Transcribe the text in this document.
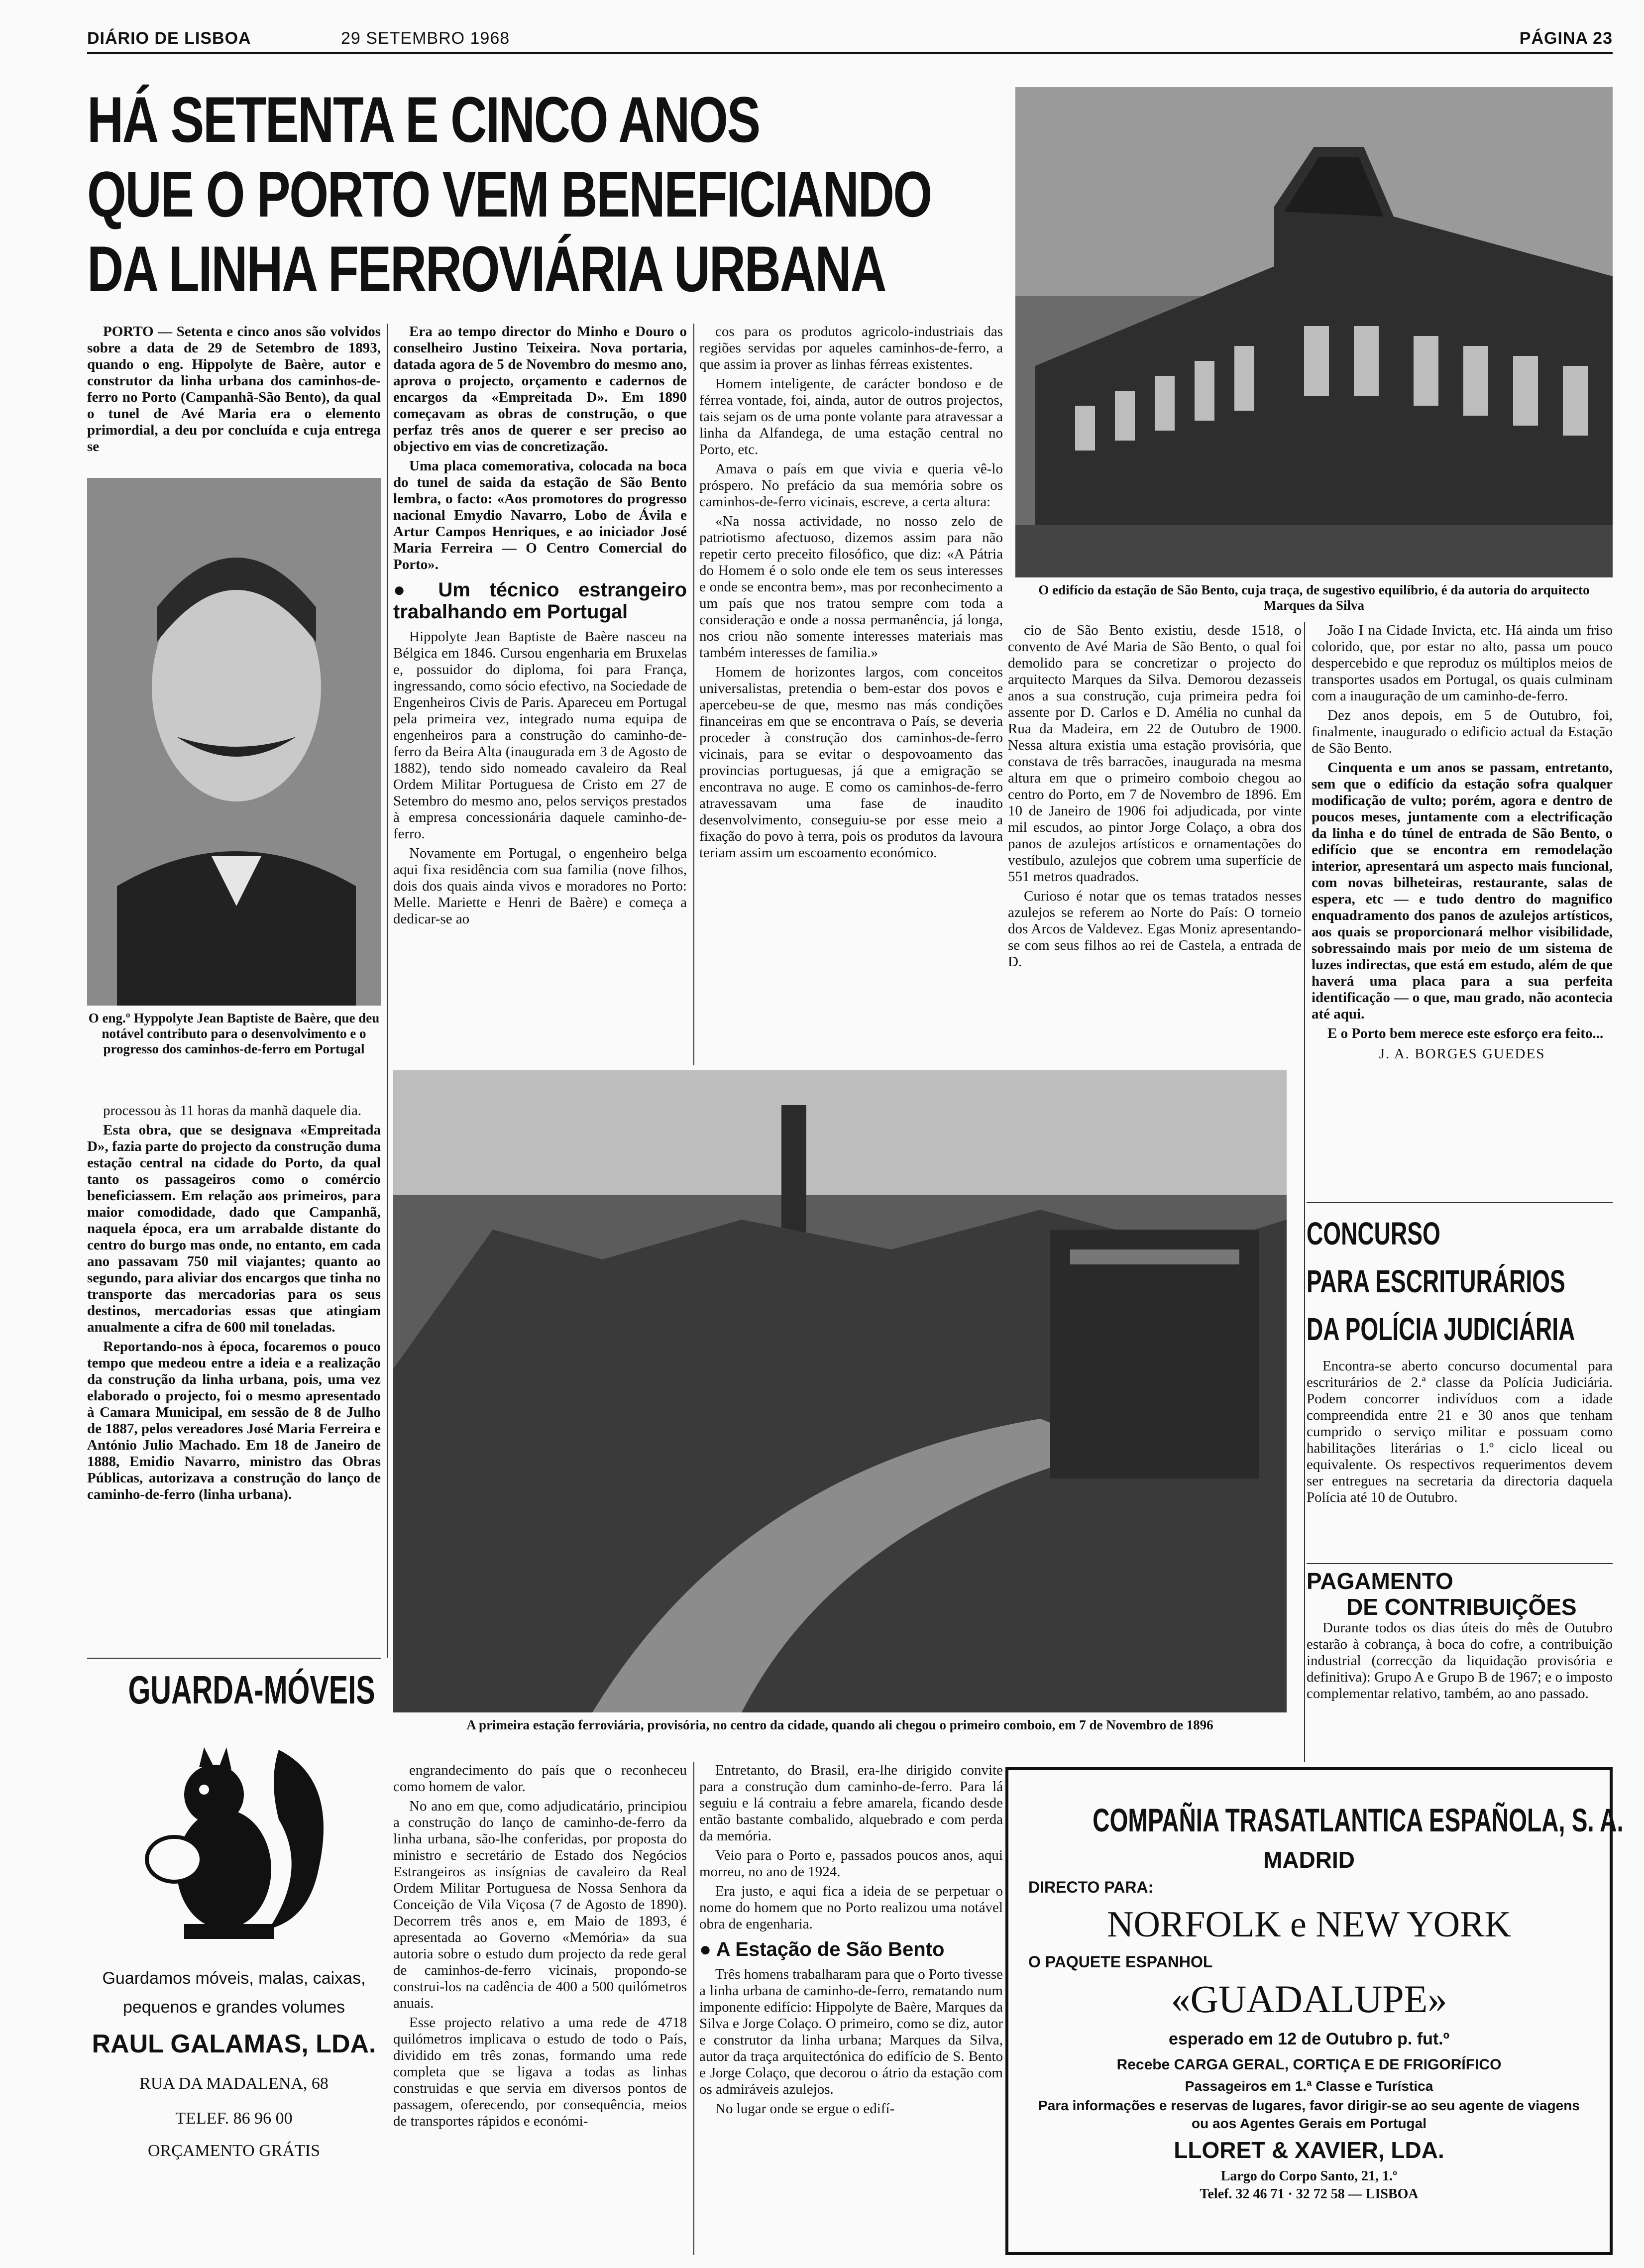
DIÁRIO DE LISBOA	29 SETEMBRO 1968	PÁGINA 23
HÁ SETENTA E CINCO ANOS
QUE O PORTO VEM BENEFICIANDO
DA LINHA FERROVIÁRIA URBANA
O edifício da estação de São Bento, cuja traça, de sugestivo equilíbrio, é da autoria do arquitecto Marques da Silva

PORTO — Setenta e cinco anos são volvidos sobre a data de 29 de Setembro de 1893, quando o eng. Hippolyte de Baère, autor e construtor da linha urbana dos caminhos-de-ferro no Porto (Campanhã-São Bento), da qual o tunel de Avé Maria era o elemento primordial, a deu por concluída e cuja entrega se

O eng.º Hyppolyte Jean Baptiste de Baère, que deu notável contributo para o desenvolvimento e o progresso dos caminhos-de-ferro em Portugal

processou às 11 horas da manhã daquele dia.

Esta obra, que se designava «Empreitada D», fazia parte do projecto da construção duma estação central na cidade do Porto, da qual tanto os passageiros como o comércio beneficiassem. Em relação aos primeiros, para maior comodidade, dado que Campanhã, naquela época, era um arrabalde distante do centro do burgo mas onde, no entanto, em cada ano passavam 750 mil viajantes; quanto ao segundo, para aliviar dos encargos que tinha no transporte das mercadorias para os seus destinos, mercadorias essas que atingiam anualmente a cifra de 600 mil toneladas.

Reportando-nos à época, focaremos o pouco tempo que medeou entre a ideia e a realização da construção da linha urbana, pois, uma vez elaborado o projecto, foi o mesmo apresentado à Camara Municipal, em sessão de 8 de Julho de 1887, pelos vereadores José Maria Ferreira e António Julio Machado. Em 18 de Janeiro de 1888, Emidio Navarro, ministro das Obras Públicas, autorizava a construção do lanço de caminho-de-ferro (linha urbana).

Era ao tempo director do Minho e Douro o conselheiro Justino Teixeira. Nova portaria, datada agora de 5 de Novembro do mesmo ano, aprova o projecto, orçamento e cadernos de encargos da «Empreitada D». Em 1890 começavam as obras de construção, o que perfaz três anos de querer e ser preciso ao objectivo em vias de concretização.

Uma placa comemorativa, colocada na boca do tunel de saida da estação de São Bento lembra, o facto: «Aos promotores do progresso nacional Emydio Navarro, Lobo de Ávila e Artur Campos Henriques, e ao iniciador José Maria Ferreira — O Centro Comercial do Porto».

● Um técnico estrangeiro trabalhando em Portugal

Hippolyte Jean Baptiste de Baère nasceu na Bélgica em 1846. Cursou engenharia em Bruxelas e, possuidor do diploma, foi para França, ingressando, como sócio efectivo, na Sociedade de Engenheiros Civis de Paris. Apareceu em Portugal pela primeira vez, integrado numa equipa de engenheiros para a construção do caminho-de-ferro da Beira Alta (inaugurada em 3 de Agosto de 1882), tendo sido nomeado cavaleiro da Real Ordem Militar Portuguesa de Cristo em 27 de Setembro do mesmo ano, pelos serviços prestados à empresa concessionária daquele caminho-de-ferro.

Novamente em Portugal, o engenheiro belga aqui fixa residência com sua familia (nove filhos, dois dos quais ainda vivos e moradores no Porto: Melle. Mariette e Henri de Baère) e começa a dedicar-se ao

cos para os produtos agricolo-industriais das regiões servidas por aqueles caminhos-de-ferro, a que assim ia prover as linhas férreas existentes.

Homem inteligente, de carácter bondoso e de férrea vontade, foi, ainda, autor de outros projectos, tais sejam os de uma ponte volante para atravessar a linha da Alfandega, de uma estação central no Porto, etc.

Amava o país em que vivia e queria vê-lo próspero. No prefácio da sua memória sobre os caminhos-de-ferro vicinais, escreve, a certa altura:

«Na nossa actividade, no nosso zelo de patriotismo afectuoso, dizemos assim para não repetir certo preceito filosófico, que diz: «A Pátria do Homem é o solo onde ele tem os seus interesses e onde se encontra bem», mas por reconhecimento a um país que nos tratou sempre com toda a consideração e onde a nossa permanência, já longa, nos criou não somente interesses materiais mas também interesses de familia.»

Homem de horizontes largos, com conceitos universalistas, pretendia o bem-estar dos povos e apercebeu-se de que, mesmo nas más condições financeiras em que se encontrava o País, se deveria proceder à construção dos caminhos-de-ferro vicinais, para se evitar o despovoamento das provincias portuguesas, já que a emigração se encontrava no auge. E como os caminhos-de-ferro atravessavam uma fase de inaudito desenvolvimento, conseguiu-se por esse meio a fixação do povo à terra, pois os produtos da lavoura teriam assim um escoamento económico.

cio de São Bento existiu, desde 1518, o convento de Avé Maria de São Bento, o qual foi demolido para se concretizar o projecto do arquitecto Marques da Silva. Demorou dezasseis anos a sua construção, cuja primeira pedra foi assente por D. Carlos e D. Amélia no cunhal da Rua da Madeira, em 22 de Outubro de 1900. Nessa altura existia uma estação provisória, que constava de três barracões, inaugurada na mesma altura em que o primeiro comboio chegou ao centro do Porto, em 7 de Novembro de 1896. Em 10 de Janeiro de 1906 foi adjudicada, por vinte mil escudos, ao pintor Jorge Colaço, a obra dos panos de azulejos artísticos e ornamentações do vestíbulo, azulejos que cobrem uma superfície de 551 metros quadrados.

Curioso é notar que os temas tratados nesses azulejos se referem ao Norte do País: O torneio dos Arcos de Valdevez. Egas Moniz apresentando-se com seus filhos ao rei de Castela, a entrada de D.

João I na Cidade Invicta, etc. Há ainda um friso colorido, que, por estar no alto, passa um pouco despercebido e que reproduz os múltiplos meios de transportes usados em Portugal, os quais culminam com a inauguração de um caminho-de-ferro.

Dez anos depois, em 5 de Outubro, foi, finalmente, inaugurado o edificio actual da Estação de São Bento.

Cinquenta e um anos se passam, entretanto, sem que o edifício da estação sofra qualquer modificação de vulto; porém, agora e dentro de poucos meses, juntamente com a electrificação da linha e do túnel de entrada de São Bento, o edifício que se encontra em remodelação interior, apresentará um aspecto mais funcional, com novas bilheteiras, restaurante, salas de espera, etc — e tudo dentro do magnifico enquadramento dos panos de azulejos artísticos, aos quais se proporcionará melhor visibilidade, sobressaindo mais por meio de um sistema de luzes indirectas, que está em estudo, além de que haverá uma placa para a sua perfeita identificação — o que, mau grado, não aconteciа até aqui.

E o Porto bem merece este esforço era feito...

J. A. BORGES GUEDES
A primeira estação ferroviária, provisória, no centro da cidade, quando ali chegou o primeiro comboio, em 7 de Novembro de 1896

engrandecimento do país que o reconheceu como homem de valor.

No ano em que, como adjudicatário, principiou a construção do lanço de caminho-de-ferro da linha urbana, são-lhe conferidas, por proposta do ministro e secretário de Estado dos Negócios Estrangeiros as insígnias de cavaleiro da Real Ordem Militar Portuguesa de Nossa Senhora da Conceição de Vila Viçosa (7 de Agosto de 1890). Decorrem três anos e, em Maio de 1893, é apresentada ao Governo «Memória» da sua autoria sobre o estudo dum projecto da rede geral de caminhos-de-ferro vicinais, propondo-se construi-los na cadência de 400 a 500 quilómetros anuais.

Esse projecto relativo a uma rede de 4718 quilómetros implicava o estudo de todo o País, dividido em três zonas, formando uma rede completa que se ligava a todas as linhas construidas e que servia em diversos pontos de passagem, oferecendo, por consequência, meios de transportes rápidos e económi-

Entretanto, do Brasil, era-lhe dirigido convite para a construção dum caminho-de-ferro. Para lá seguiu e lá contraiu a febre amarela, ficando desde então bastante combalido, alquebrado e com perda da memória.

Veio para o Porto e, passados poucos anos, aqui morreu, no ano de 1924.

Era justo, e aqui fica a ideia de se perpetuar o nome do homem que no Porto realizou uma notável obra de engenharia.

● A Estação de São Bento

Três homens trabalharam para que o Porto tivesse a linha urbana de caminho-de-ferro, rematando num imponente edifício: Hippolyte de Baère, Marques da Silva e Jorge Colaço. O primeiro, como se diz, autor e construtor da linha urbana; Marques da Silva, autor da traça arquitectónica do edifício de S. Bento e Jorge Colaço, que decorou o átrio da estação com os admiráveis azulejos.

No lugar onde se ergue o edifí-

CONCURSO
PARA ESCRITURÁRIOS
DA POLÍCIA JUDICIÁRIA

Encontra-se aberto concurso documental para escriturários de 2.ª classe da Polícia Judiciária. Podem concorrer indivíduos com a idade compreendida entre 21 e 30 anos que tenham cumprido o serviço militar e possuam como habilitações literárias o 1.º ciclo liceal ou equivalente. Os respectivos requerimentos devem ser entregues na secretaria da directoria daquela Polícia até 10 de Outubro.

PAGAMENTO
DE CONTRIBUIÇÕES

Durante todos os dias úteis do mês de Outubro estarão à cobrança, à boca do cofre, a contribuição industrial (correcção da liquidação provisória e definitiva): Grupo A e Grupo B de 1967; e o imposto complementar relativo, também, ao ano passado.

GUARDA-MÓVEIS
Guardamos móveis, malas, caixas,
pequenos e grandes volumes
RAUL GALAMAS, LDA.
RUA DA MADALENA, 68
TELEF. 86 96 00
ORÇAMENTO GRÁTIS
COMPAÑIA TRASATLANTICA ESPAÑOLA, S. A.
MADRID
DIRECTO PARA:
NORFOLK e NEW YORK
O PAQUETE ESPANHOL
«GUADALUPE»
esperado em 12 de Outubro p. fut.º
Recebe CARGA GERAL, CORTIÇA E DE FRIGORÍFICO
Passageiros em 1.ª Classe e Turística
Para informações e reservas de lugares, favor dirigir-se ao seu agente de viagens ou aos Agentes Gerais em Portugal
LLORET & XAVIER, LDA.
Largo do Corpo Santo, 21, 1.º
Telef. 32 46 71 · 32 72 58 — LISBOA
